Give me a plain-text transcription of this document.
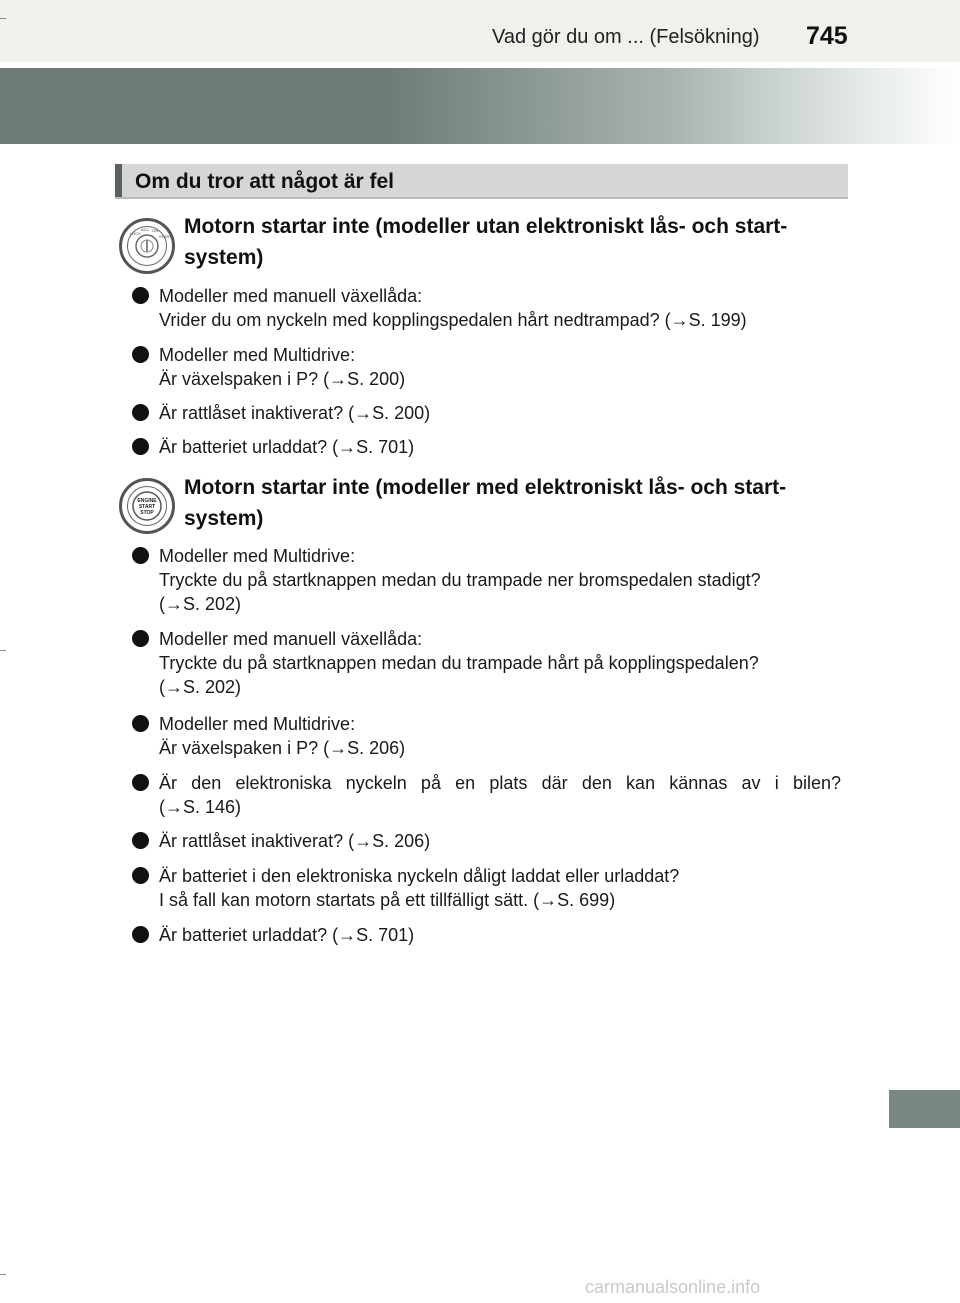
Vad gör du om ... (Felsökning) 745
Om du tror att något är fel
LOCK
ACC ON
START Motorn startar inte (modeller utan elektroniskt lås- och start-
system)
Modeller med manuell växellåda:
Vrider du om nyckeln med kopplingspedalen hårt nedtrampad? (→S. 199)
Modeller med Multidrive:
Är växelspaken i P? (→S. 200)
Är rattlåset inaktiverat? (→S. 200)
Är batteriet urladdat? (→S. 701)
ENGINE
START
STOP
Motorn startar inte (modeller med elektroniskt lås- och start-
system)
Modeller med Multidrive:
Tryckte du på startknappen medan du trampade ner bromspedalen stadigt?
(→S. 202)
Modeller med manuell växellåda:
Tryckte du på startknappen medan du trampade hårt på kopplingspedalen?
(→S. 202)
Modeller med Multidrive:
Är växelspaken i P? (→S. 206)
Är den elektroniska nyckeln på en plats där den kan kännas av i bilen?
(→S. 146)
Är rattlåset inaktiverat? (→S. 206)
Är batteriet i den elektroniska nyckeln dåligt laddat eller urladdat?
I så fall kan motorn startats på ett tillfälligt sätt. (→S. 699)
Är batteriet urladdat? (→S. 701)
carmanualsonline.info
